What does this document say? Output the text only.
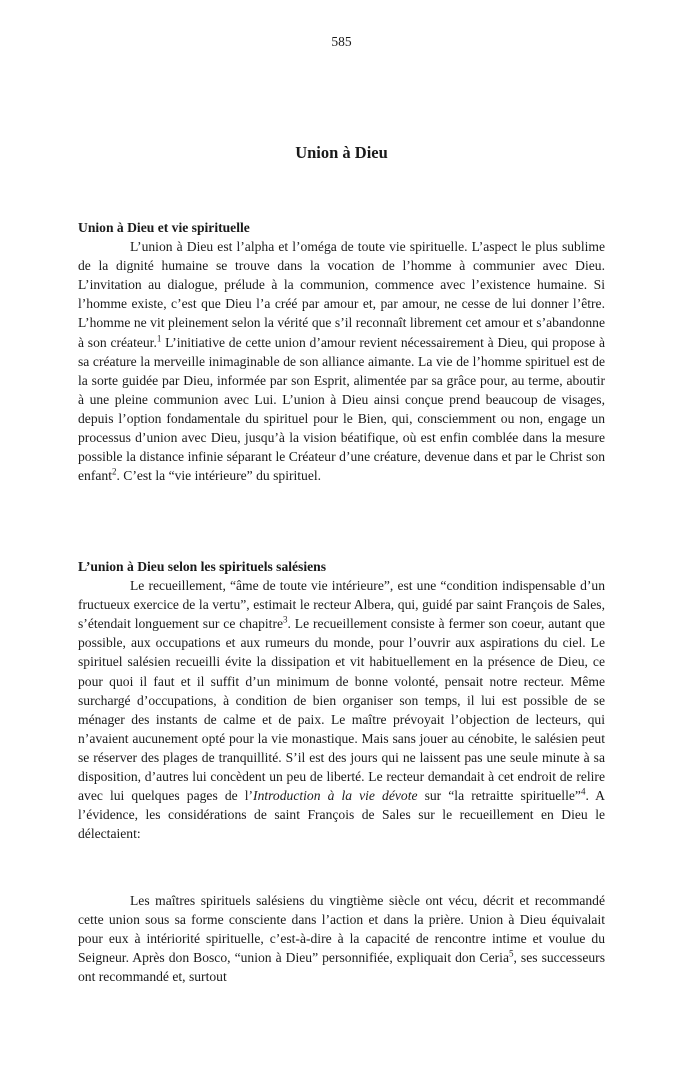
585
Union à Dieu
Union à Dieu et vie spirituelle

L’union à Dieu est l’alpha et l’oméga de toute vie spirituelle. L’aspect le plus sublime de la dignité humaine se trouve dans la vocation de l’homme à communier avec Dieu. L’invitation au dialogue, prélude à la communion, commence avec l’existence humaine. Si l’homme existe, c’est que Dieu l’a créé par amour et, par amour, ne cesse de lui donner l’être. L’homme ne vit pleinement selon la vérité que s’il reconnaît librement cet amour et s’abandonne à son créateur.$^1$ L’initiative de cette union d’amour revient nécessairement à Dieu, qui propose à sa créature la merveille inimaginable de son alliance aimante. La vie de l’homme spirituel est de la sorte guidée par Dieu, informée par son Esprit, alimentée par sa grâce pour, au terme, aboutir à une pleine communion avec Lui. L’union à Dieu ainsi conçue prend beaucoup de visages, depuis l’option fondamentale du spirituel pour le Bien, qui, consciemment ou non, engage un processus d’union avec Dieu, jusqu’à la vision béatifique, où est enfin comblée dans la mesure possible la distance infinie séparant le Créateur d’une créature, devenue dans et par le Christ son enfant$^2$. C’est la “vie intérieure” du spirituel.

L’union à Dieu selon les spirituels salésiens

Le recueillement, “âme de toute vie intérieure”, est une “condition indispensable d’un fructueux exercice de la vertu”, estimait le recteur Albera, qui, guidé par saint François de Sales, s’étendait longuement sur ce chapitre$^3$. Le recueillement consiste à fermer son coeur, autant que possible, aux occupations et aux rumeurs du monde, pour l’ouvrir aux aspirations du ciel. Le spirituel salésien recueilli évite la dissipation et vit habituellement en la présence de Dieu, ce pour quoi il faut et il suffit d’un minimum de bonne volonté, pensait notre recteur. Même surchargé d’occupations, à condition de bien organiser son temps, il lui est possible de se ménager des instants de calme et de paix. Le maître prévoyait l’objection de lecteurs, qui n’avaient aucunement opté pour la vie monastique. Mais sans jouer au cénobite, le salésien peut se réserver des plages de tranquillité. S’il est des jours qui ne laissent pas une seule minute à sa disposition, d’autres lui concèdent un peu de liberté. Le recteur demandait à cet endroit de relire avec lui quelques pages de l’Introduction à la vie dévote sur “la retraitte spirituelle”$^4$. A l’évidence, les considérations de saint François de Sales sur le recueillement en Dieu le délectaient:

Les maîtres spirituels salésiens du vingtième siècle ont vécu, décrit et recommandé cette union sous sa forme consciente dans l’action et dans la prière. Union à Dieu équivalait pour eux à intériorité spirituelle, c’est-à-dire à la capacité de rencontre intime et voulue du Seigneur. Après don Bosco, “union à Dieu” personnifiée, expliquait don Ceria$^5$, ses successeurs ont recommandé et, surtout
